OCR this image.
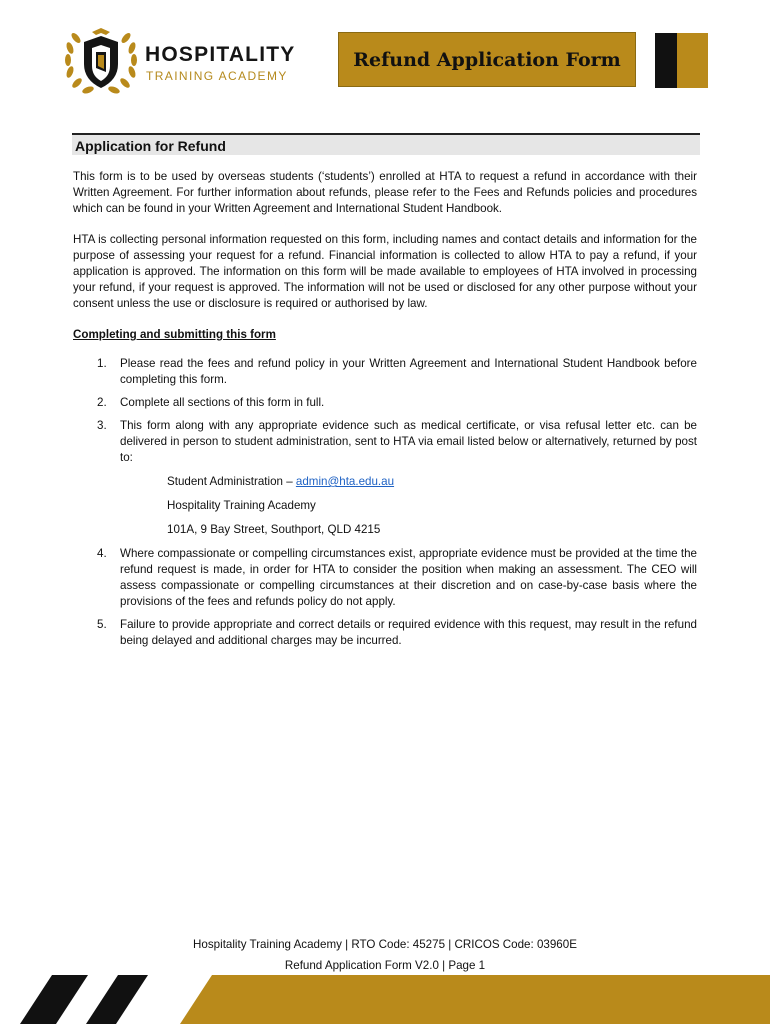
HOSPITALITY
TRAINING ACADEMY
Refund Application Form
Application for Refund

This form is to be used by overseas students (‘students’) enrolled at HTA to request a refund in accordance with their Written Agreement. For further information about refunds, please refer to the Fees and Refunds policies and procedures which can be found in your Written Agreement and International Student Handbook.

HTA is collecting personal information requested on this form, including names and contact details and information for the purpose of assessing your request for a refund. Financial information is collected to allow HTA to pay a refund, if your application is approved. The information on this form will be made available to employees of HTA involved in processing your refund, if your request is approved. The information will not be used or disclosed for any other purpose without your consent unless the use or disclosure is required or authorised by law.

Completing and submitting this form
1. Please read the fees and refund policy in your Written Agreement and International Student Handbook before completing this form.
2. Complete all sections of this form in full.
3. This form along with any appropriate evidence such as medical certificate, or visa refusal letter etc. can be delivered in person to student administration, sent to HTA via email listed below or alternatively, returned by post to:
Student Administration – admin@hta.edu.au
Hospitality Training Academy
101A, 9 Bay Street, Southport, QLD 4215
4. Where compassionate or compelling circumstances exist, appropriate evidence must be provided at the time the refund request is made, in order for HTA to consider the position when making an assessment. The CEO will assess compassionate or compelling circumstances at their discretion and on case-by-case basis where the provisions of the fees and refunds policy do not apply.
5. Failure to provide appropriate and correct details or required evidence with this request, may result in the refund being delayed and additional charges may be incurred.
Hospitality Training Academy | RTO Code: 45275 | CRICOS Code: 03960E
Refund Application Form V2.0 | Page 1
